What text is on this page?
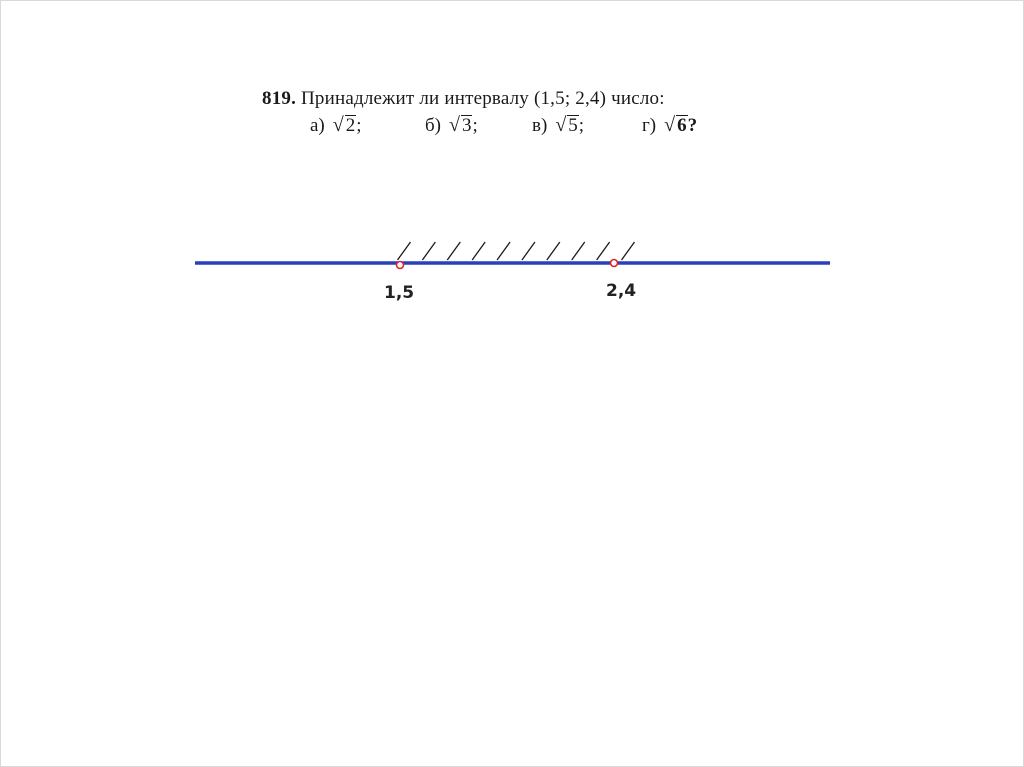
819. Принадлежит ли интервалу (1,5; 2,4) число:
а) √ 2 ;	б) √ 3 ;	в) √ 5 ;	г) √ 6 ?
1,5	2,4
